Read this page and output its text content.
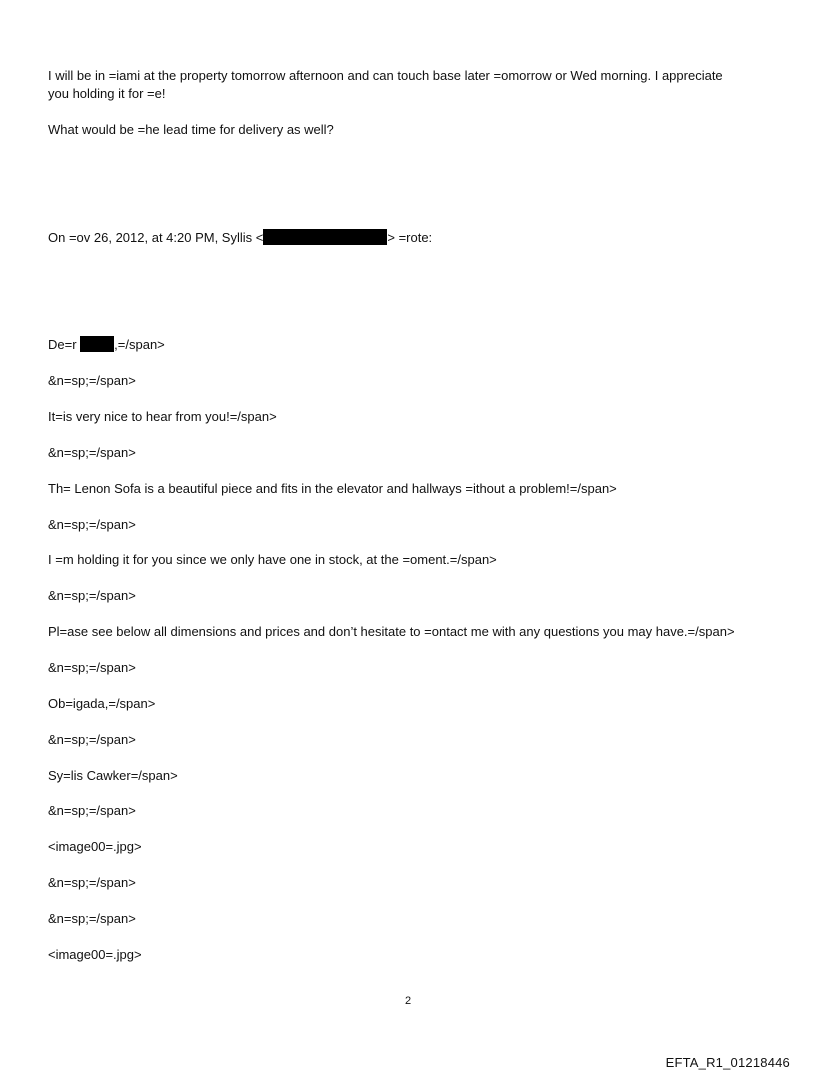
I will be in =iami at the property tomorrow afternoon and can touch base later =omorrow or Wed morning. I appreciate
you holding it for =e!
What would be =he lead time for delivery as well?
On =ov 26, 2012, at 4:20 PM, Syllis <	> =rote:
De=r	,=/span>
&n=sp;=/span>
It=is very nice to hear from you!=/span>
&n=sp;=/span>
Th= Lenon Sofa is a beautiful piece and fits in the elevator and hallways =ithout a problem!=/span>
&n=sp;=/span>
I =m holding it for you since we only have one in stock, at the =oment.=/span>
&n=sp;=/span>
Pl=ase see below all dimensions and prices and don’t hesitate to =ontact me with any questions you may have.=/span>
&n=sp;=/span>
Ob=igada,=/span>
&n=sp;=/span>
Sy=lis Cawker=/span>
&n=sp;=/span>
<image00=.jpg>
&n=sp;=/span>
&n=sp;=/span>
<image00=.jpg>
2
EFTA_R1_01218446
